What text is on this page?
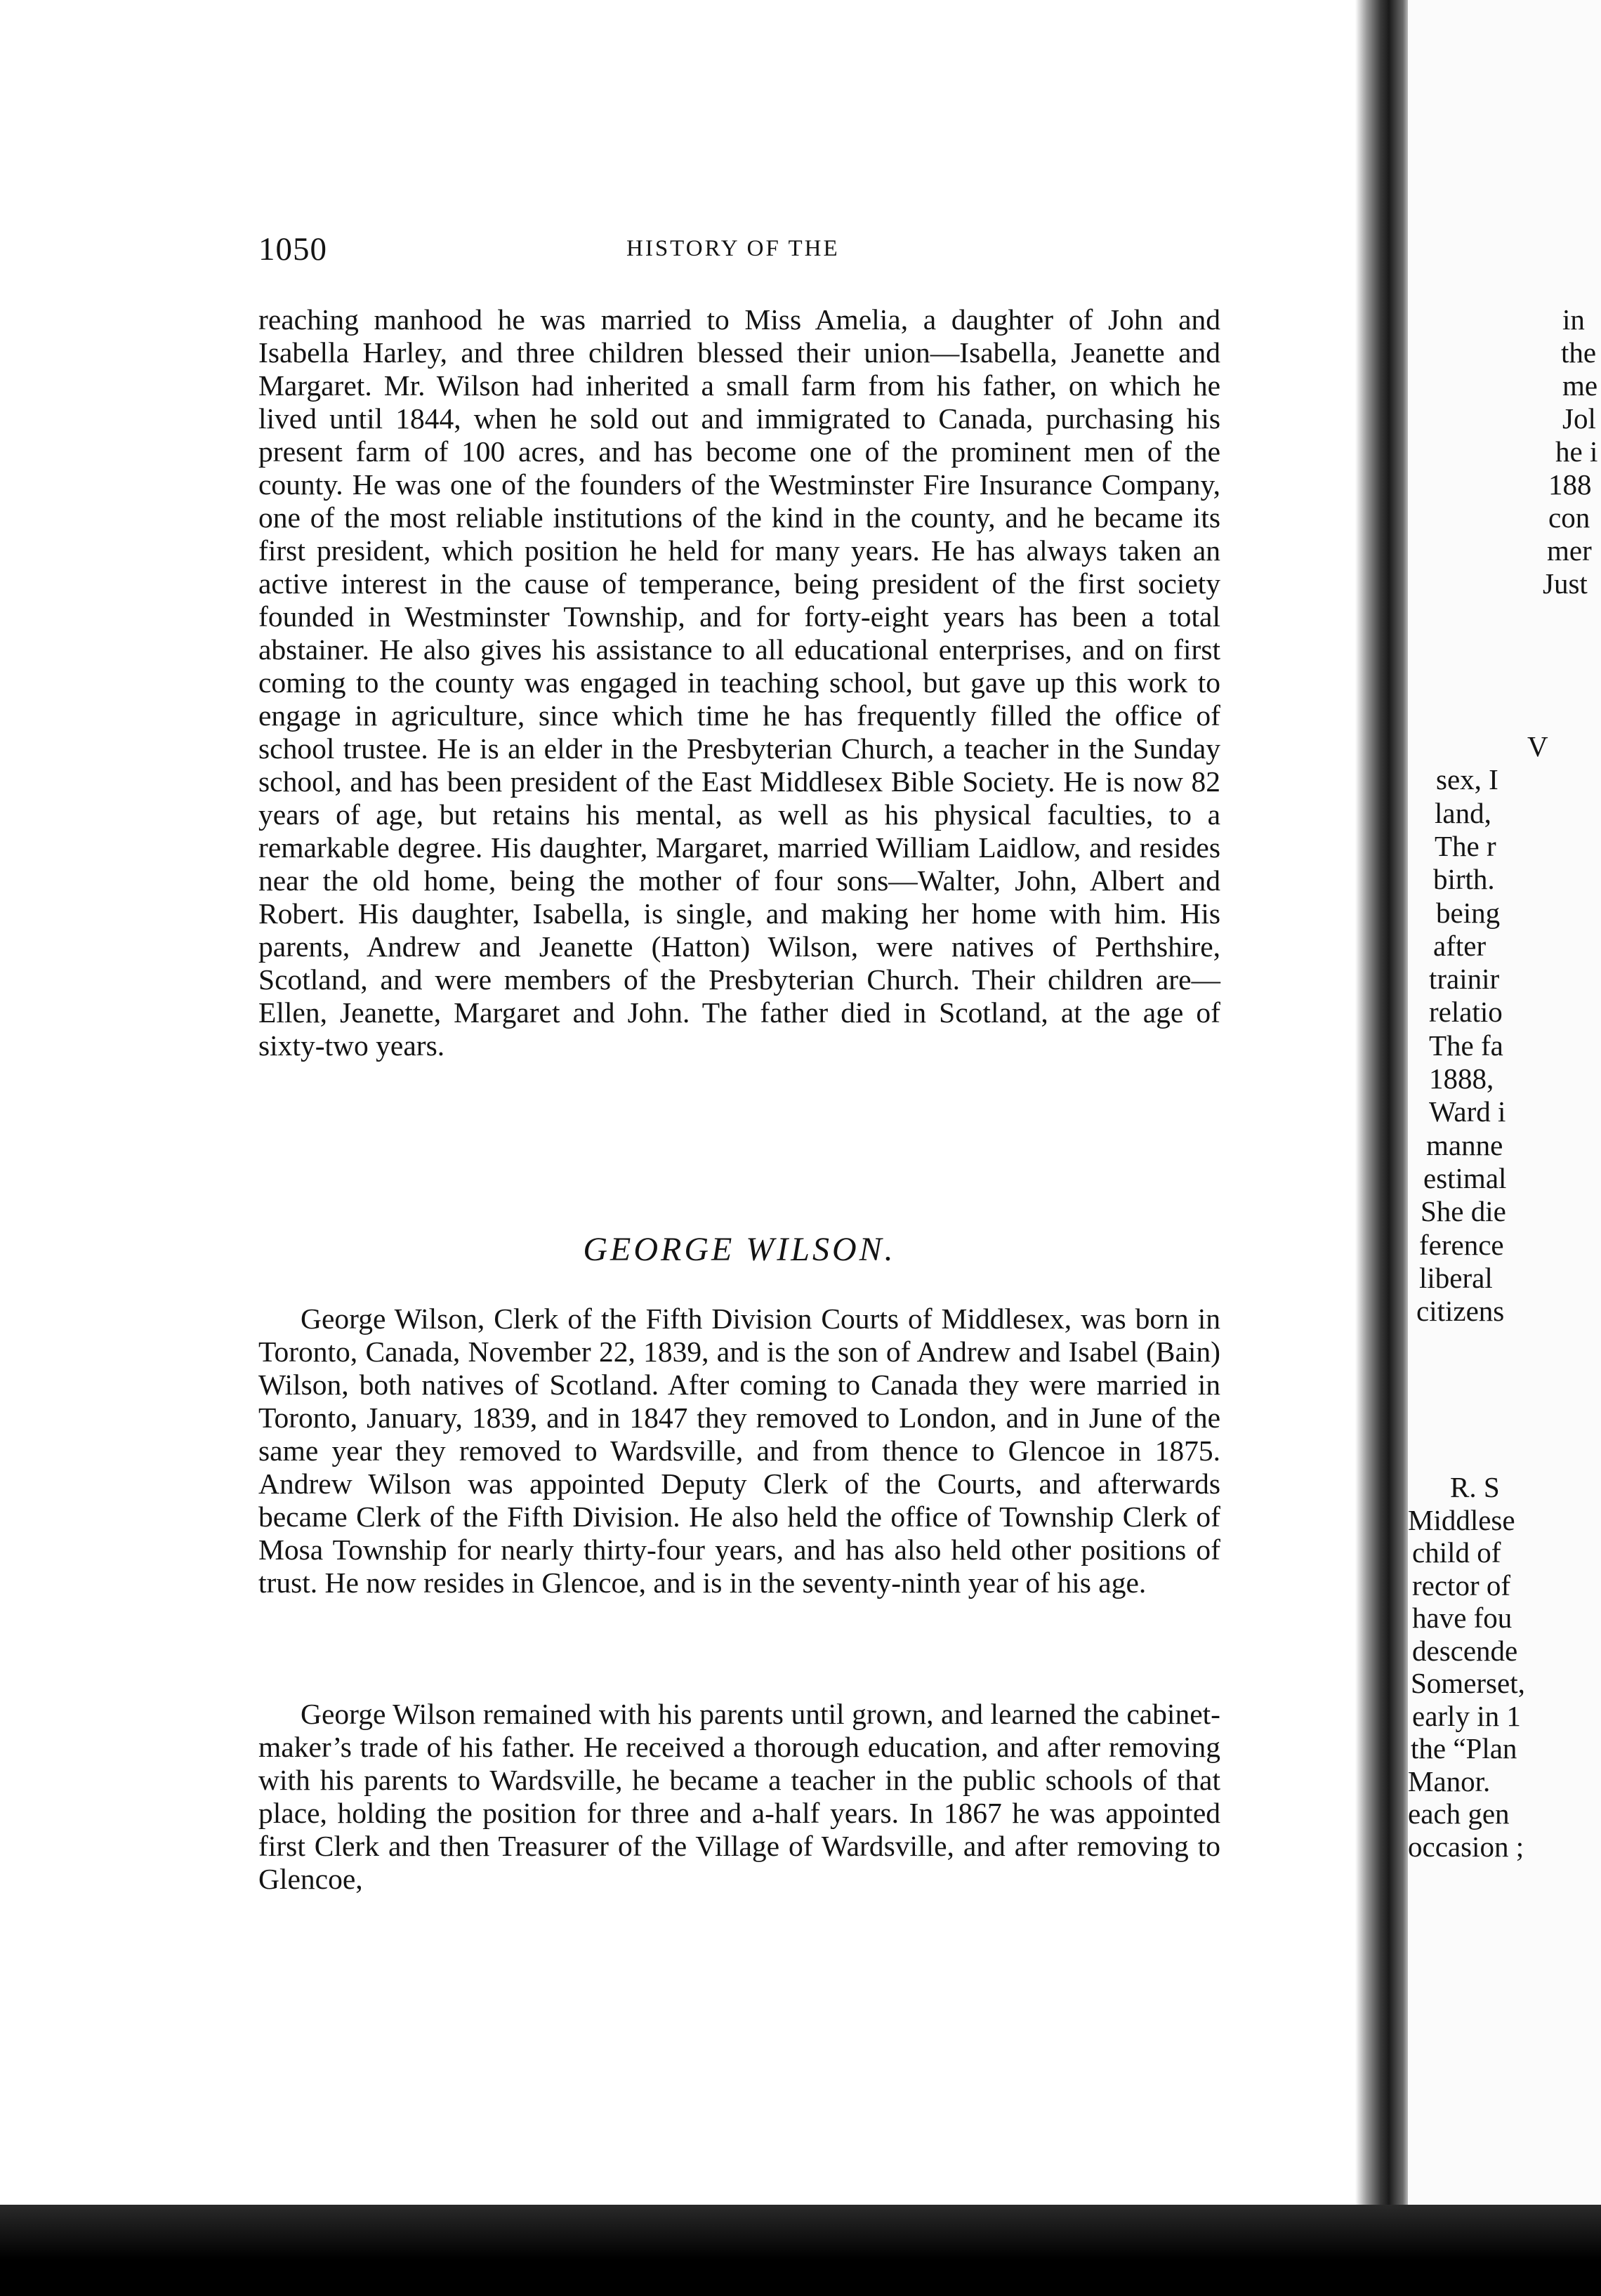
1050	HISTORY OF THE

reaching manhood he was married to Miss Amelia, a daughter of John and Isabella Harley, and three children blessed their union—Isabella, Jeanette and Margaret. Mr. Wilson had inherited a small farm from his father, on which he lived until 1844, when he sold out and immigrated to Canada, purchasing his present farm of 100 acres, and has become one of the prominent men of the county. He was one of the founders of the Westminster Fire Insurance Company, one of the most reliable institutions of the kind in the county, and he became its first president, which position he held for many years. He has always taken an active interest in the cause of temperance, being president of the first society founded in Westminster Township, and for forty-eight years has been a total abstainer. He also gives his assistance to all educational enterprises, and on first coming to the county was engaged in teaching school, but gave up this work to engage in agriculture, since which time he has frequently filled the office of school trustee. He is an elder in the Presbyterian Church, a teacher in the Sunday school, and has been president of the East Middlesex Bible Society. He is now 82 years of age, but retains his mental, as well as his physical faculties, to a remarkable degree. His daughter, Margaret, married William Laidlow, and resides near the old home, being the mother of four sons—Walter, John, Albert and Robert. His daughter, Isabella, is single, and making her home with him. His parents, Andrew and Jeanette (Hatton) Wilson, were natives of Perthshire, Scotland, and were members of the Presbyterian Church. Their children are—Ellen, Jeanette, Margaret and John. The father died in Scotland, at the age of sixty-two years.

GEORGE WILSON.

George Wilson, Clerk of the Fifth Division Courts of Middlesex, was born in Toronto, Canada, November 22, 1839, and is the son of Andrew and Isabel (Bain) Wilson, both natives of Scotland. After coming to Canada they were married in Toronto, January, 1839, and in 1847 they removed to London, and in June of the same year they removed to Wardsville, and from thence to Glencoe in 1875. Andrew Wilson was appointed Deputy Clerk of the Courts, and afterwards became Clerk of the Fifth Division. He also held the office of Township Clerk of Mosa Township for nearly thirty-four years, and has also held other positions of trust. He now resides in Glencoe, and is in the seventy-ninth year of his age.

George Wilson remained with his parents until grown, and learned the cabinet-maker’s trade of his father. He received a thorough education, and after removing with his parents to Wardsville, he became a teacher in the public schools of that place, holding the position for three and a-half years. In 1867 he was appointed first Clerk and then Treasurer of the Village of Wardsville, and after removing to Glencoe,

in
the
me
Jol
he i
188
con
mer
Just
V
sex, I
land,
The r
birth.
being
after
trainir
relatio
The fa
1888,
Ward i
manne
estimal
She die
ference
liberal
citizens
R. S
Middlese
child of
rector of
have fou
descende
Somerset,
early in 1
the “Plan
Manor.
each gen
occasion ;
